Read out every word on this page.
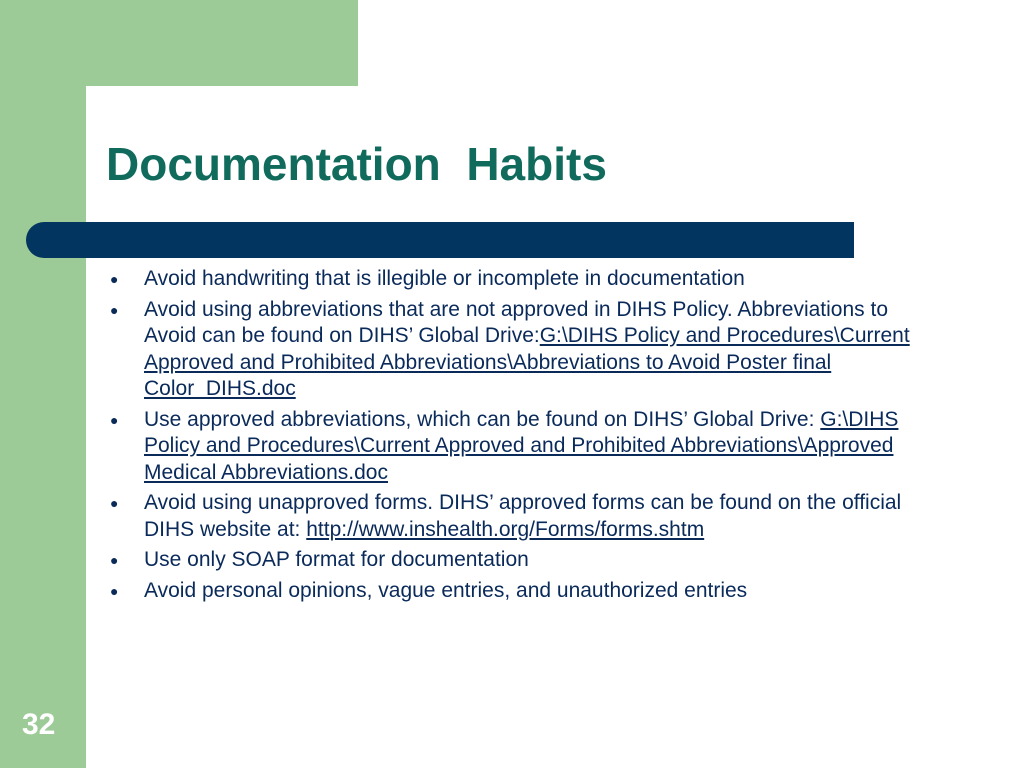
Documentation  Habits
● Avoid handwriting that is illegible or incomplete in documentation
● Avoid using abbreviations that are not approved in DIHS Policy. Abbreviations to Avoid can be found on DIHS’ Global Drive:G:\DIHS Policy and Procedures\Current Approved and Prohibited Abbreviations\Abbreviations to Avoid Poster final Color_DIHS.doc
● Use approved abbreviations, which can be found on DIHS’ Global Drive: G:\DIHS Policy and Procedures\Current Approved and Prohibited Abbreviations\Approved Medical Abbreviations.doc
● Avoid using unapproved forms. DIHS’ approved forms can be found on the official DIHS website at: http://www.inshealth.org/Forms/forms.shtm
● Use only SOAP format for documentation
● Avoid personal opinions, vague entries, and unauthorized entries
32
